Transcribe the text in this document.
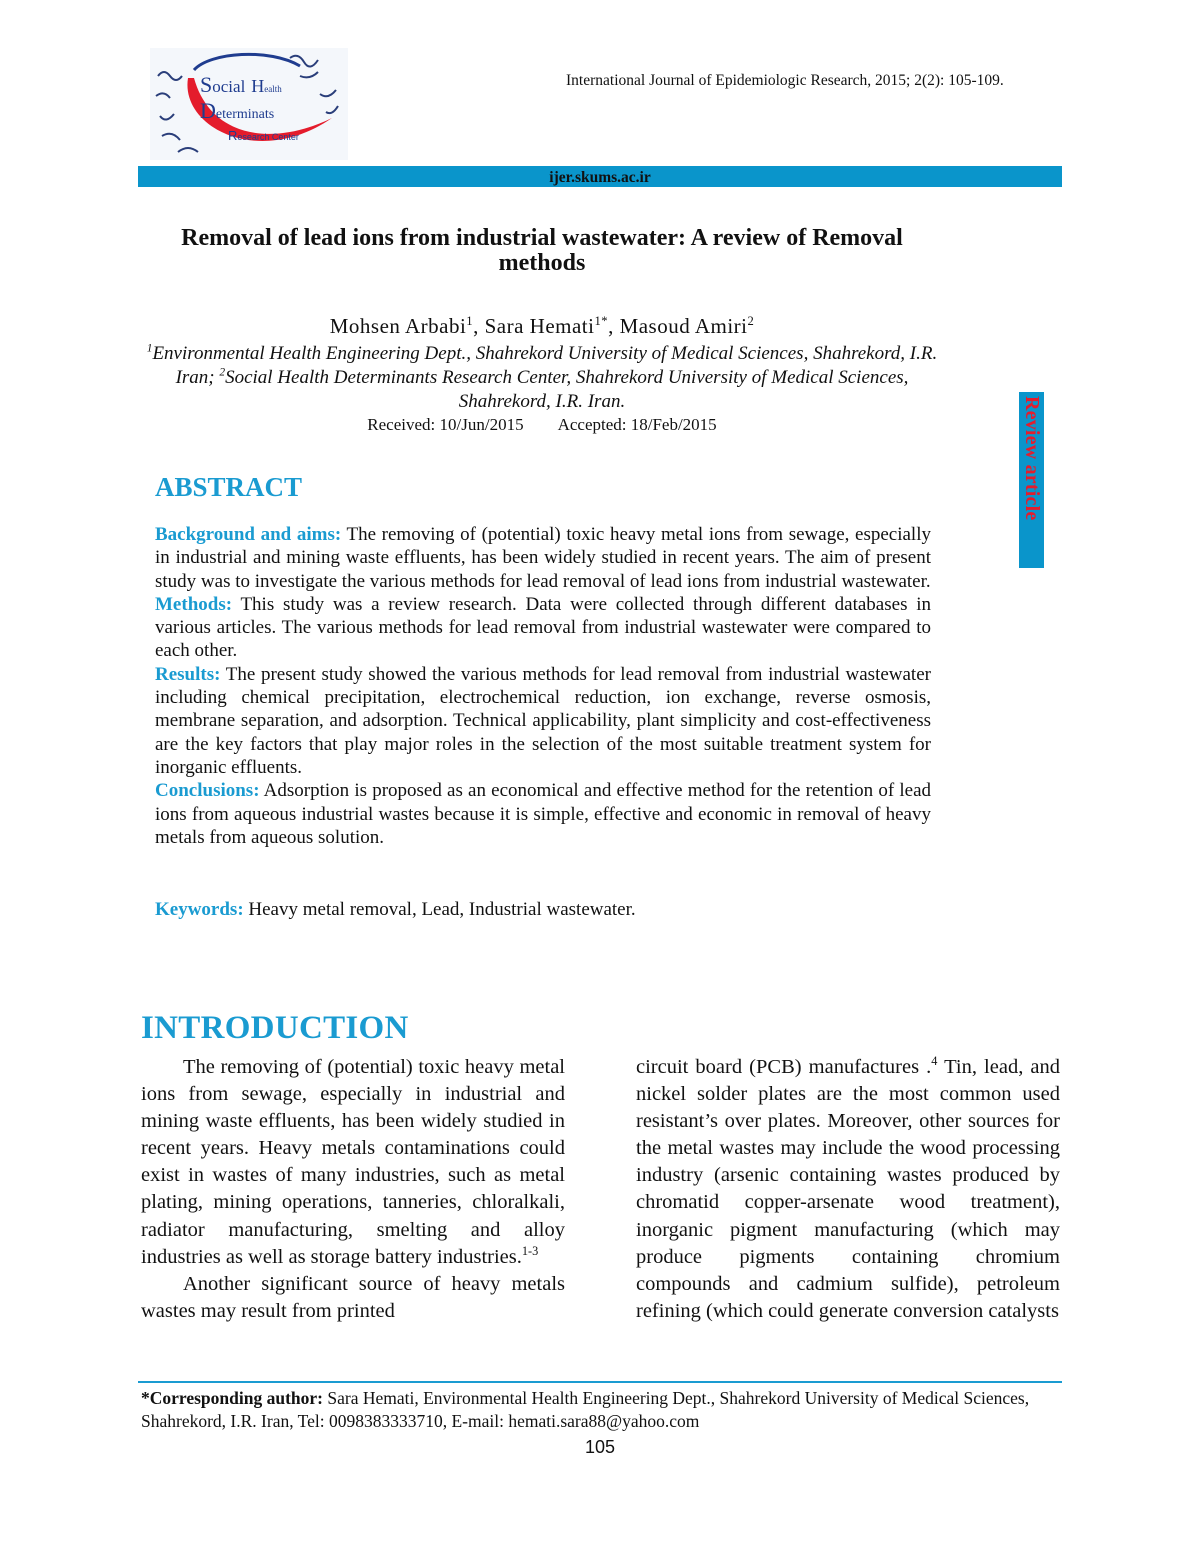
Social Health
Determinats
Research Center
International Journal of Epidemiologic Research, 2015; 2(2): 105-109.
ijer.skums.ac.ir
Removal of lead ions from industrial wastewater: A review of Removal methods
Mohsen Arbabi$^1$, Sara Hemati$^{1*}$, Masoud Amiri$^2$
$^1$Environmental Health Engineering Dept., Shahrekord University of Medical Sciences, Shahrekord, I.R. Iran; $^2$Social Health Determinants Research Center, Shahrekord University of Medical Sciences, Shahrekord, I.R. Iran.
Received: 10/Jun/2015 Accepted: 18/Feb/2015	Review article
ABSTRACT

Background and aims: The removing of (potential) toxic heavy metal ions from sewage, especially in industrial and mining waste effluents, has been widely studied in recent years. The aim of present study was to investigate the various methods for lead removal of lead ions from industrial wastewater.

Methods: This study was a review research. Data were collected through different databases in various articles. The various methods for lead removal from industrial wastewater were compared to each other.

Results: The present study showed the various methods for lead removal from industrial wastewater including chemical precipitation, electrochemical reduction, ion exchange, reverse osmosis, membrane separation, and adsorption. Technical applicability, plant simplicity and cost-effectiveness are the key factors that play major roles in the selection of the most suitable treatment system for inorganic effluents.

Conclusions: Adsorption is proposed as an economical and effective method for the retention of lead ions from aqueous industrial wastes because it is simple, effective and economic in removal of heavy metals from aqueous solution.

Keywords: Heavy metal removal, Lead, Industrial wastewater.
INTRODUCTION

The removing of (potential) toxic heavy metal ions from sewage, especially in industrial and mining waste effluents, has been widely studied in recent years. Heavy metals contaminations could exist in wastes of many industries, such as metal plating, mining operations, tanneries, chloralkali, radiator manufacturing, smelting and alloy industries as well as storage battery industries.$^{1-3}$

Another significant source of heavy metals wastes may result from printed

circuit board (PCB) manufactures .$^4$ Tin, lead, and nickel solder plates are the most common used resistant’s over plates. Moreover, other sources for the metal wastes may include the wood processing industry (arsenic containing wastes produced by chromatid copper-arsenate wood treatment), inorganic pigment manufacturing (which may produce pigments containing chromium compounds and cadmium sulfide), petroleum refining (which could generate conversion catalysts

*Corresponding author: Sara Hemati, Environmental Health Engineering Dept., Shahrekord University of Medical Sciences, Shahrekord, I.R. Iran, Tel: 0098383333710, E-mail: hemati.sara88@yahoo.com
105
